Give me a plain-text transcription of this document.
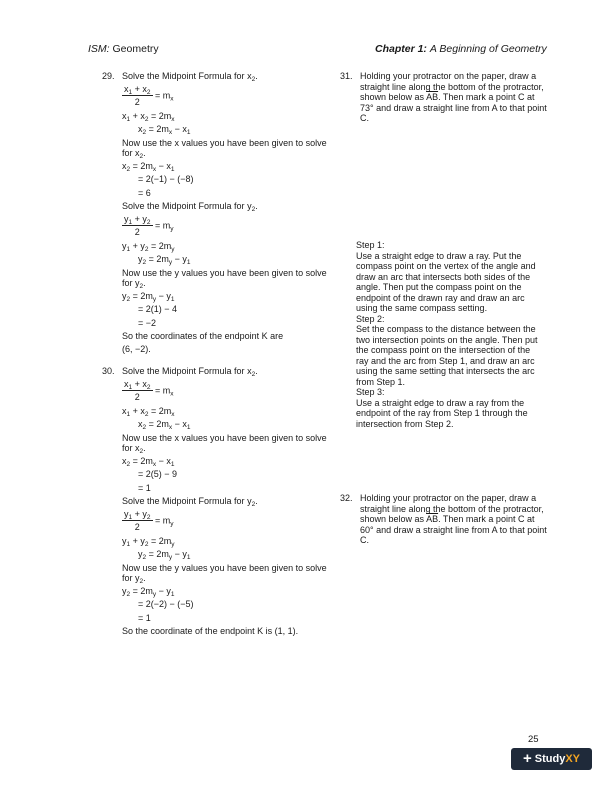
ISM: Geometry	Chapter 1: A Beginning of Geometry
29. Solve the Midpoint Formula for $x_2$.
$\frac{x_1 + x_2}{2} = m_x$
$x_1 + x_2 = 2m_x$
$x_2 = 2m_x - x_1$
Now use the x values you have been given to solve for $x_2$.
$x_2 = 2m_x - x_1$
= 2(−1) − (−8)
= 6
Solve the Midpoint Formula for $y_2$.
$\frac{y_1 + y_2}{2} = m_y$
$y_1 + y_2 = 2m_y$
$y_2 = 2m_y - y_1$
Now use the y values you have been given to solve for $y_2$.
$y_2 = 2m_y - y_1$
= 2(1) − 4
= −2
So the coordinates of the endpoint K are
(6, −2).
30. Solve the Midpoint Formula for $x_2$.
$\frac{x_1 + x_2}{2} = m_x$
$x_1 + x_2 = 2m_x$
$x_2 = 2m_x - x_1$
Now use the x values you have been given to solve for $x_2$.
$x_2 = 2m_x - x_1$
= 2(5) − 9
= 1
Solve the Midpoint Formula for $y_2$.
$\frac{y_1 + y_2}{2} = m_y$
$y_1 + y_2 = 2m_y$
$y_2 = 2m_y - y_1$
Now use the y values you have been given to solve for $y_2$.
$y_2 = 2m_y - y_1$
= 2(−2) − (−5)
= 1
So the coordinate of the endpoint K is (1, 1).
31. Holding your protractor on the paper, draw a straight line along the bottom of the protractor, shown below as $\overline{AB}$. Then mark a point C at 73° and draw a straight line from A to that point C.

Step 1:

Use a straight edge to draw a ray. Put the compass point on the vertex of the angle and draw an arc that intersects both sides of the angle. Then put the compass point on the endpoint of the drawn ray and draw an arc using the same compass setting.

Step 2:

Set the compass to the distance between the two intersection points on the angle. Then put the compass point on the intersection of the ray and the arc from Step 1, and draw an arc using the same setting that intersects the arc from Step 1.

Step 3:

Use a straight edge to draw a ray from the endpoint of the ray from Step 1 through the intersection from Step 2.

32. Holding your protractor on the paper, draw a straight line along the bottom of the protractor, shown below as $\overline{AB}$. Then mark a point C at 60° and draw a straight line from A to that point C.
25
+ Study XY
